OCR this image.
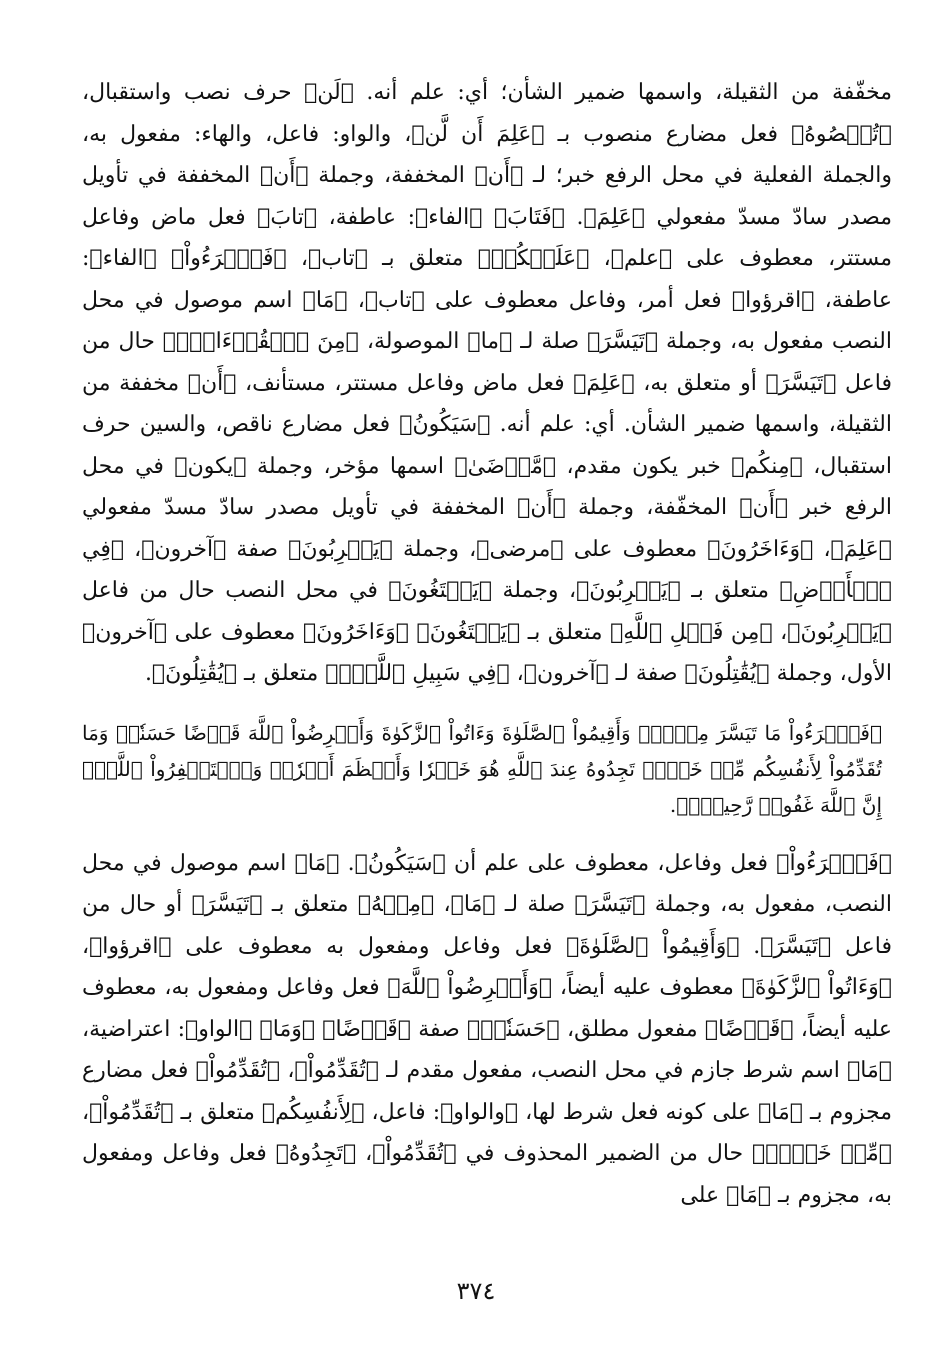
مخفّفة من الثقيلة، واسمها ضمير الشأن؛ أي: علم أنه. ﴿لَن﴾ حرف نصب واستقبال، ﴿تُحۡصُوهُ﴾ فعل مضارع منصوب بـ ﴿عَلِمَ أَن لَّن﴾، والواو: فاعل، والهاء: مفعول به، والجملة الفعلية في محل الرفع خبر؛ لـ ﴿أَن﴾ المخففة، وجملة ﴿أَن﴾ المخففة في تأويل مصدر سادّ مسدّ مفعولي ﴿عَلِمَ﴾. ﴿فَتَابَ﴾ ﴿الفاء﴾: عاطفة، ﴿تابَ﴾ فعل ماض وفاعل مستتر، معطوف على ﴿علم﴾، ﴿عَلَيۡكُمۡ﴾ متعلق بـ ﴿تاب﴾، ﴿فَٱقۡرَءُواْ﴾ ﴿الفاء﴾: عاطفة، ﴿اقرؤوا﴾ فعل أمر، وفاعل معطوف على ﴿تاب﴾، ﴿مَا﴾ اسم موصول في محل النصب مفعول به، وجملة ﴿تَيَسَّرَ﴾ صلة لـ ﴿ما﴾ الموصولة، ﴿مِنَ ٱلۡقُرۡءَانِۚ﴾ حال من فاعل ﴿تَيَسَّرَ﴾ أو متعلق به، ﴿عَلِمَ﴾ فعل ماض وفاعل مستتر، مستأنف، ﴿أَن﴾ مخففة من الثقيلة، واسمها ضمير الشأن. أي: علم أنه. ﴿سَيَكُونُ﴾ فعل مضارع ناقص، والسين حرف استقبال، ﴿مِنكُم﴾ خبر يكون مقدم، ﴿مَّرۡضَىٰ﴾ اسمها مؤخر، وجملة ﴿يكون﴾ في محل الرفع خبر ﴿أَن﴾ المخفّفة، وجملة ﴿أَن﴾ المخففة في تأويل مصدر سادّ مسدّ مفعولي ﴿عَلِمَ﴾، ﴿وَءَاخَرُونَ﴾ معطوف على ﴿مرضى﴾، وجملة ﴿يَضۡرِبُونَ﴾ صفة ﴿آخرون﴾، ﴿فِي ٱلۡأَرۡضِ﴾ متعلق بـ ﴿يَضۡرِبُونَ﴾، وجملة ﴿يَبۡتَغُونَ﴾ في محل النصب حال من فاعل ﴿يَضۡرِبُونَ﴾، ﴿مِن فَضۡلِ ٱللَّهِ﴾ متعلق بـ ﴿يَبۡتَغُونَ﴾ ﴿وَءَاخَرُونَ﴾ معطوف على ﴿آخرون﴾ الأول، وجملة ﴿يُقَٰتِلُونَ﴾ صفة لـ ﴿آخرون﴾، ﴿فِي سَبِيلِ ٱللَّهِۖ﴾ متعلق بـ ﴿يُقَٰتِلُونَ﴾.

﴿فَٱقۡرَءُواْ مَا تَيَسَّرَ مِنۡهُۚ وَأَقِيمُواْ ٱلصَّلَوٰةَ وَءَاتُواْ ٱلزَّكَوٰةَ وَأَقۡرِضُواْ ٱللَّهَ قَرۡضًا حَسَنٗاۚ وَمَا تُقَدِّمُواْ لِأَنفُسِكُم مِّنۡ خَيۡرٖ تَجِدُوهُ عِندَ ٱللَّهِ هُوَ خَيۡرٗا وَأَعۡظَمَ أَجۡرٗاۚ وَٱسۡتَغۡفِرُواْ ٱللَّهَۖ إِنَّ ٱللَّهَ غَفُورٞ رَّحِيمُۢ﴾.

﴿فَٱقۡرَءُواْ﴾ فعل وفاعل، معطوف على علم أن ﴿سَيَكُونُ﴾. ﴿مَا﴾ اسم موصول في محل النصب، مفعول به، وجملة ﴿تَيَسَّرَ﴾ صلة لـ ﴿مَا﴾، ﴿مِنۡهُ﴾ متعلق بـ ﴿تَيَسَّرَ﴾ أو حال من فاعل ﴿تَيَسَّرَ﴾. ﴿وَأَقِيمُواْ ٱلصَّلَوٰةَ﴾ فعل وفاعل ومفعول به معطوف على ﴿اقرؤوا﴾، ﴿وَءَاتُواْ ٱلزَّكَوٰةَ﴾ معطوف عليه أيضاً، ﴿وَأَقۡرِضُواْ ٱللَّهَ﴾ فعل وفاعل ومفعول به، معطوف عليه أيضاً، ﴿قَرۡضًا﴾ مفعول مطلق، ﴿حَسَنٗاۚ﴾ صفة ﴿قَرۡضًا﴾ ﴿وَمَا﴾ ﴿الواو﴾: اعتراضية، ﴿مَا﴾ اسم شرط جازم في محل النصب، مفعول مقدم لـ ﴿تُقَدِّمُواْ﴾، ﴿تُقَدِّمُواْ﴾ فعل مضارع مجزوم بـ ﴿مَا﴾ على كونه فعل شرط لها، ﴿والواو﴾: فاعل، ﴿لِأَنفُسِكُم﴾ متعلق بـ ﴿تُقَدِّمُواْ﴾، ﴿مِّنۡ خَيۡرٖ﴾ حال من الضمير المحذوف في ﴿تُقَدِّمُواْ﴾، ﴿تَجِدُوهُ﴾ فعل وفاعل ومفعول به، مجزوم بـ ﴿مَا﴾ على

٣٧٤
